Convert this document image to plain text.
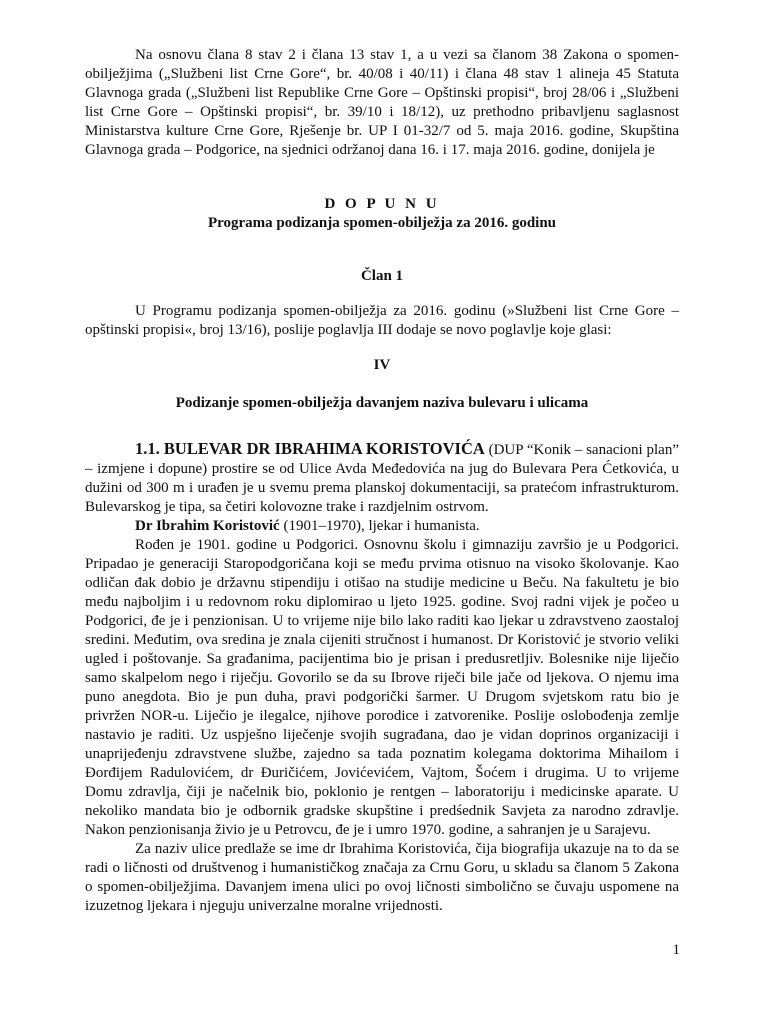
Na osnovu člana 8 stav 2 i člana 13 stav 1, a u vezi sa članom 38 Zakona o spomen-obilježjima („Službeni list Crne Gore“, br. 40/08 i 40/11) i člana 48 stav 1 alineja 45 Statuta Glavnoga grada („Službeni list Republike Crne Gore – Opštinski propisi“, broj 28/06 i „Službeni list Crne Gore – Opštinski propisi“, br. 39/10 i 18/12), uz prethodno pribavljenu saglasnost Ministarstva kulture Crne Gore, Rješenje br. UP I 01-32/7 od 5. maja 2016. godine, Skupština Glavnoga grada – Podgorice, na sjednici održanoj dana 16. i 17. maja 2016. godine, donijela je

D O P U N U

Programa podizanja spomen-obilježja za 2016. godinu

Član 1

U Programu podizanja spomen-obilježja za 2016. godinu (»Službeni list Crne Gore – opštinski propisi«, broj 13/16), poslije poglavlja III dodaje se novo poglavlje koje glasi:

IV

Podizanje spomen-obilježja davanjem naziva bulevaru i ulicama

1.1. BULEVAR DR IBRAHIMA KORISTOVIĆA (DUP “Konik – sanacioni plan” – izmjene i dopune) prostire se od Ulice Avda Međedovića na jug do Bulevara Pera Ćetkovića, u dužini od 300 m i urađen je u svemu prema planskoj dokumentaciji, sa pratećom infrastrukturom. Bulevarskog je tipa, sa četiri kolovozne trake i razdjelnim ostrvom.

Dr Ibrahim Koristović (1901–1970), ljekar i humanista.

Rođen je 1901. godine u Podgorici. Osnovnu školu i gimnaziju završio je u Podgorici. Pripadao je generaciji Staropodgoričana koji se među prvima otisnuo na visoko školovanje. Kao odličan đak dobio je državnu stipendiju i otišao na studije medicine u Beču. Na fakultetu je bio među najboljim i u redovnom roku diplomirao u ljeto 1925. godine. Svoj radni vijek je počeo u Podgorici, đe je i penzionisan. U to vrijeme nije bilo lako raditi kao ljekar u zdravstveno zaostaloj sredini. Međutim, ova sredina je znala cijeniti stručnost i humanost. Dr Koristović je stvorio veliki ugled i poštovanje. Sa građanima, pacijentima bio je prisan i predusretljiv. Bolesnike nije liječio samo skalpelom nego i riječju. Govorilo se da su Ibrove riječi bile jače od ljekova. O njemu ima puno anegdota. Bio je pun duha, pravi podgorički šarmer. U Drugom svjetskom ratu bio je privržen NOR-u. Liječio je ilegalce, njihove porodice i zatvorenike. Poslije oslobođenja zemlje nastavio je raditi. Uz uspješno liječenje svojih sugrađana, dao je vidan doprinos organizaciji i unaprijeđenju zdravstvene službe, zajedno sa tada poznatim kolegama doktorima Mihailom i Đorđijem Radulovićem, dr Đuričićem, Jovićevićem, Vajtom, Šoćem i drugima. U to vrijeme Domu zdravlja, čiji je načelnik bio, poklonio je rentgen – laboratoriju i medicinske aparate. U nekoliko mandata bio je odbornik gradske skupštine i predśednik Savjeta za narodno zdravlje. Nakon penzionisanja živio je u Petrovcu, đe je i umro 1970. godine, a sahranjen je u Sarajevu.

Za naziv ulice predlaže se ime dr Ibrahima Koristovića, čija biografija ukazuje na to da se radi o ličnosti od društvenog i humanističkog značaja za Crnu Goru, u skladu sa članom 5 Zakona o spomen-obilježjima. Davanjem imena ulici po ovoj ličnosti simbolično se čuvaju uspomene na izuzetnog ljekara i njeguju univerzalne moralne vrijednosti.

1
